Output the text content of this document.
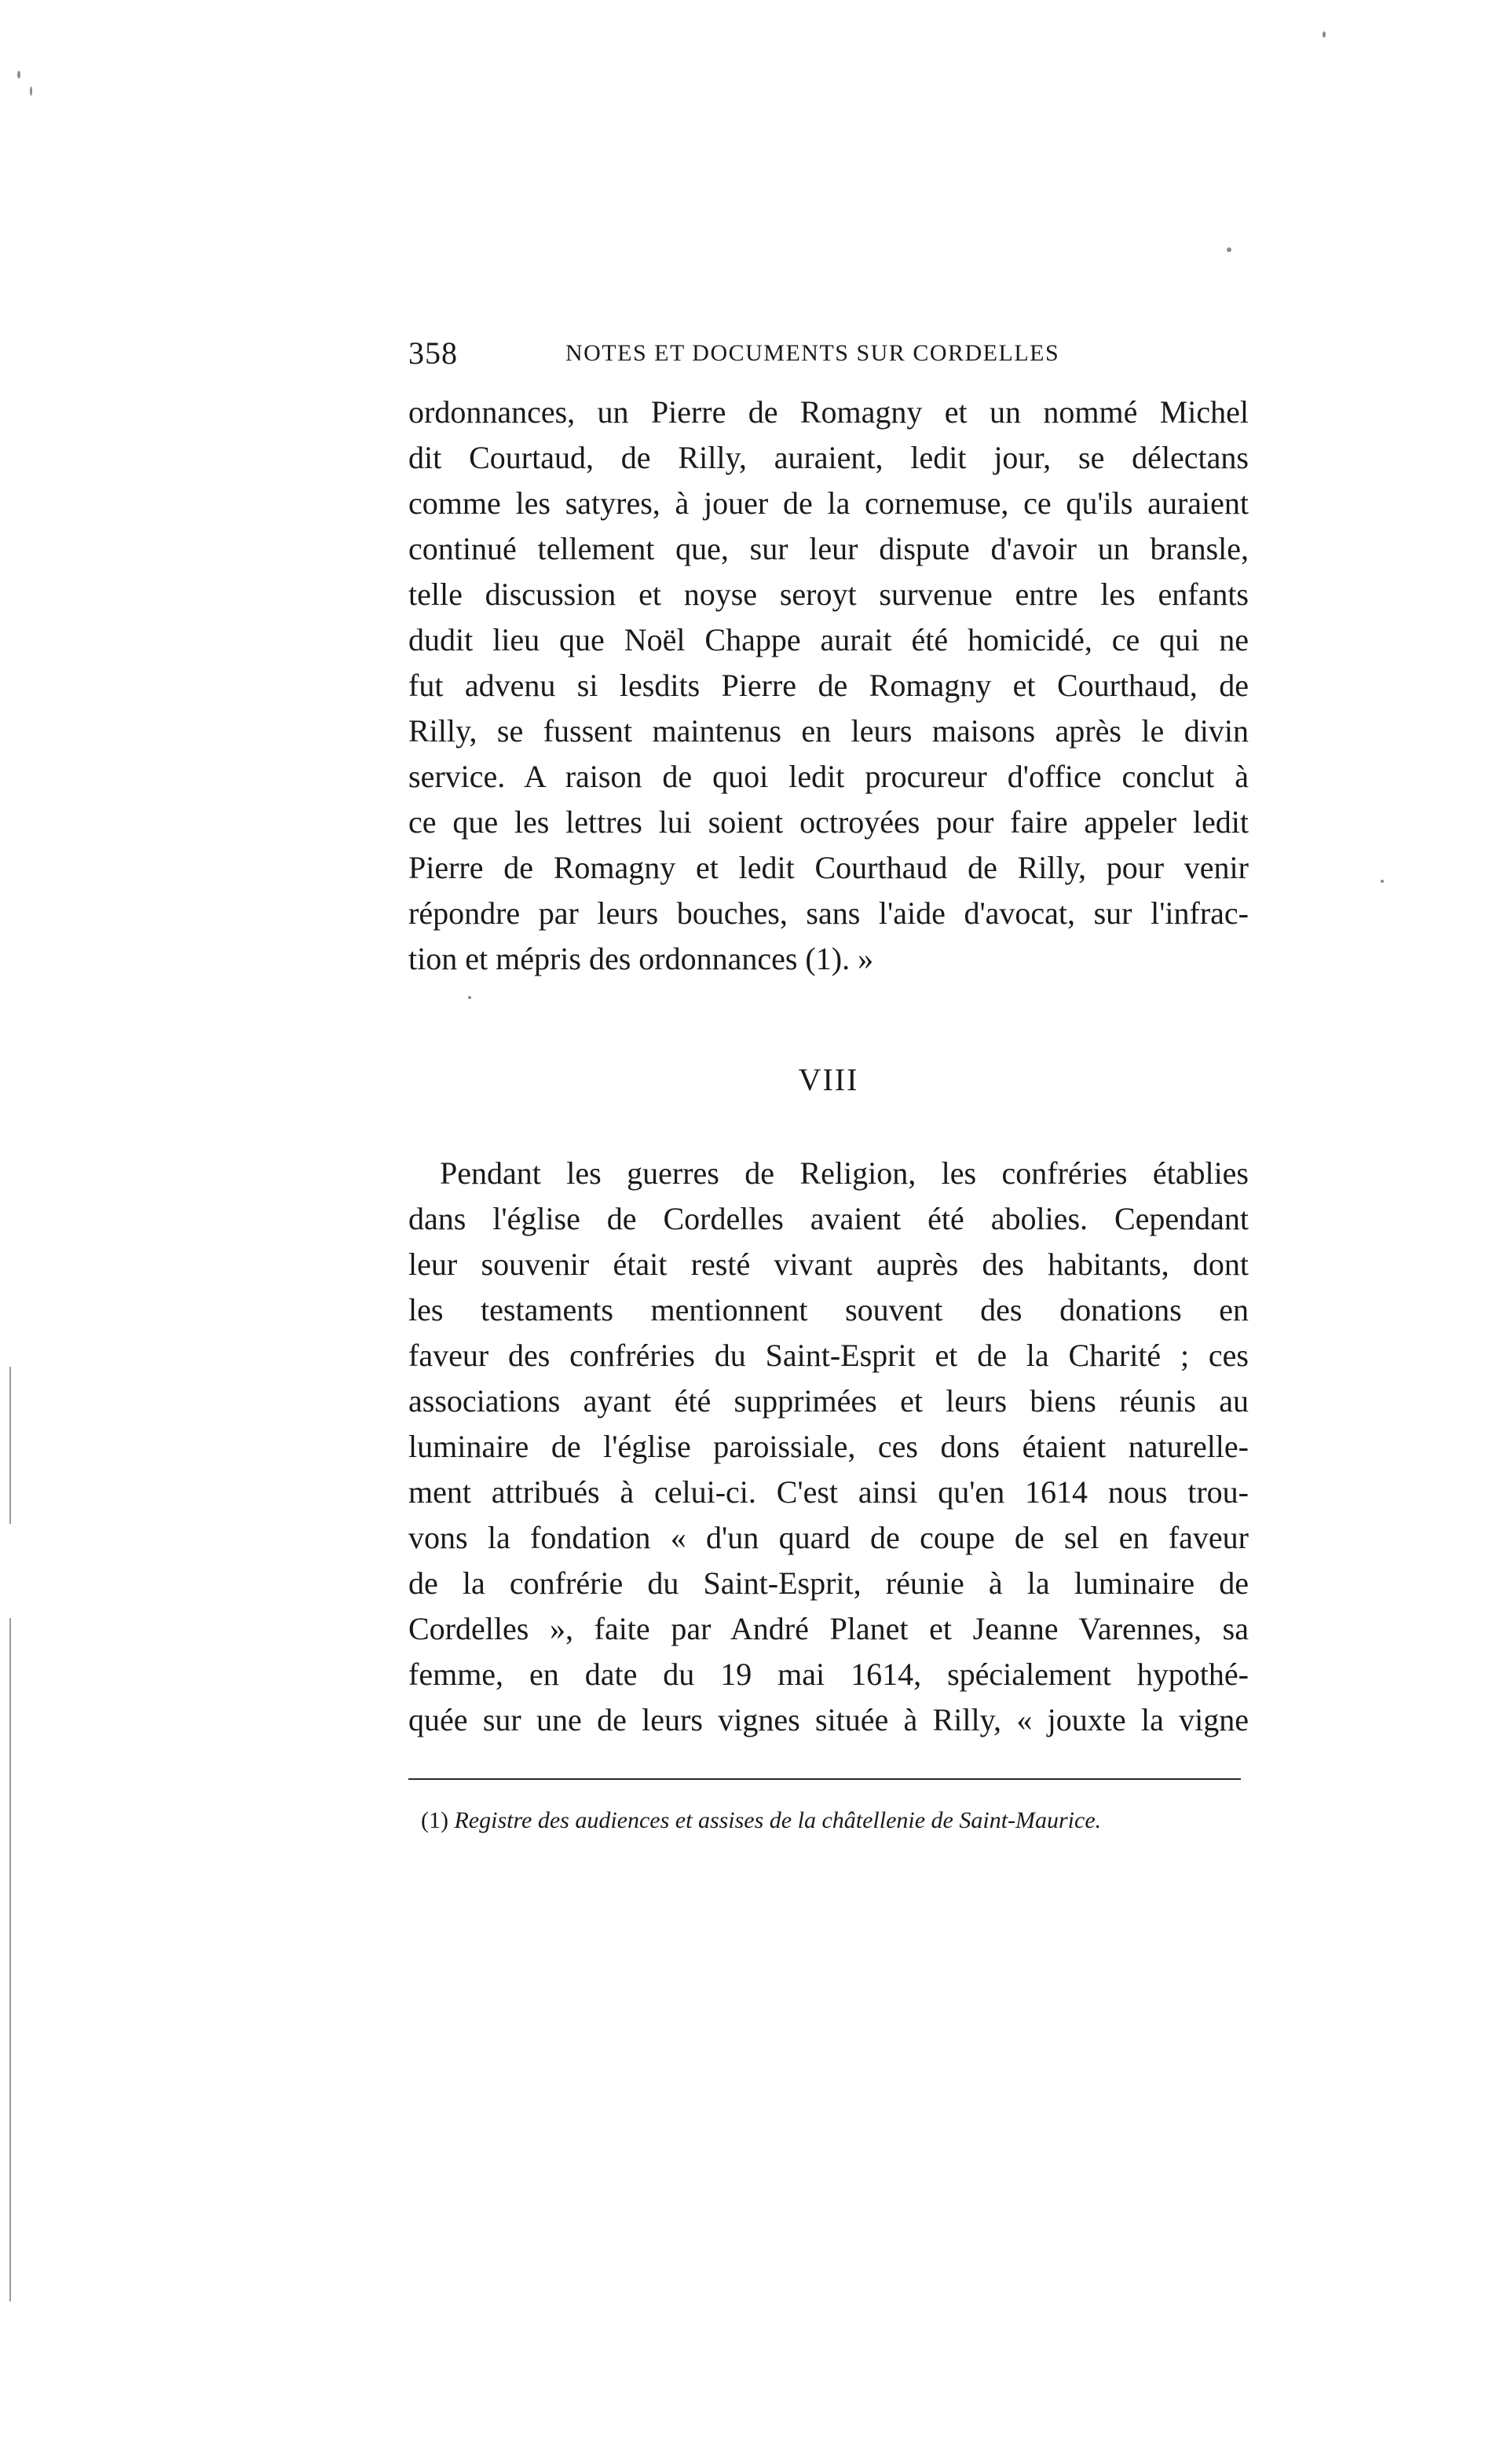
358	NOTES ET DOCUMENTS SUR CORDELLES
ordonnances, un Pierre de Romagny et un nommé Michel
dit Courtaud, de Rilly, auraient, ledit jour, se délectans
comme les satyres, à jouer de la cornemuse, ce qu'ils auraient
continué tellement que, sur leur dispute d'avoir un bransle,
telle discussion et noyse seroyt survenue entre les enfants
dudit lieu que Noël Chappe aurait été homicidé, ce qui ne
fut advenu si lesdits Pierre de Romagny et Courthaud, de
Rilly, se fussent maintenus en leurs maisons après le divin
service. A raison de quoi ledit procureur d'office conclut à
ce que les lettres lui soient octroyées pour faire appeler ledit
Pierre de Romagny et ledit Courthaud de Rilly, pour venir
répondre par leurs bouches, sans l'aide d'avocat, sur l'infrac-
tion et mépris des ordonnances (1). »
VIII
Pendant les guerres de Religion, les confréries établies
dans l'église de Cordelles avaient été abolies. Cependant
leur souvenir était resté vivant auprès des habitants, dont
les testaments mentionnent souvent des donations en
faveur des confréries du Saint-Esprit et de la Charité ; ces
associations ayant été supprimées et leurs biens réunis au
luminaire de l'église paroissiale, ces dons étaient naturelle-
ment attribués à celui-ci. C'est ainsi qu'en 1614 nous trou-
vons la fondation « d'un quard de coupe de sel en faveur
de la confrérie du Saint-Esprit, réunie à la luminaire de
Cordelles », faite par André Planet et Jeanne Varennes, sa
femme, en date du 19 mai 1614, spécialement hypothé-
quée sur une de leurs vignes située à Rilly, « jouxte la vigne
(1) Registre des audiences et assises de la châtellenie de Saint-Maurice.
